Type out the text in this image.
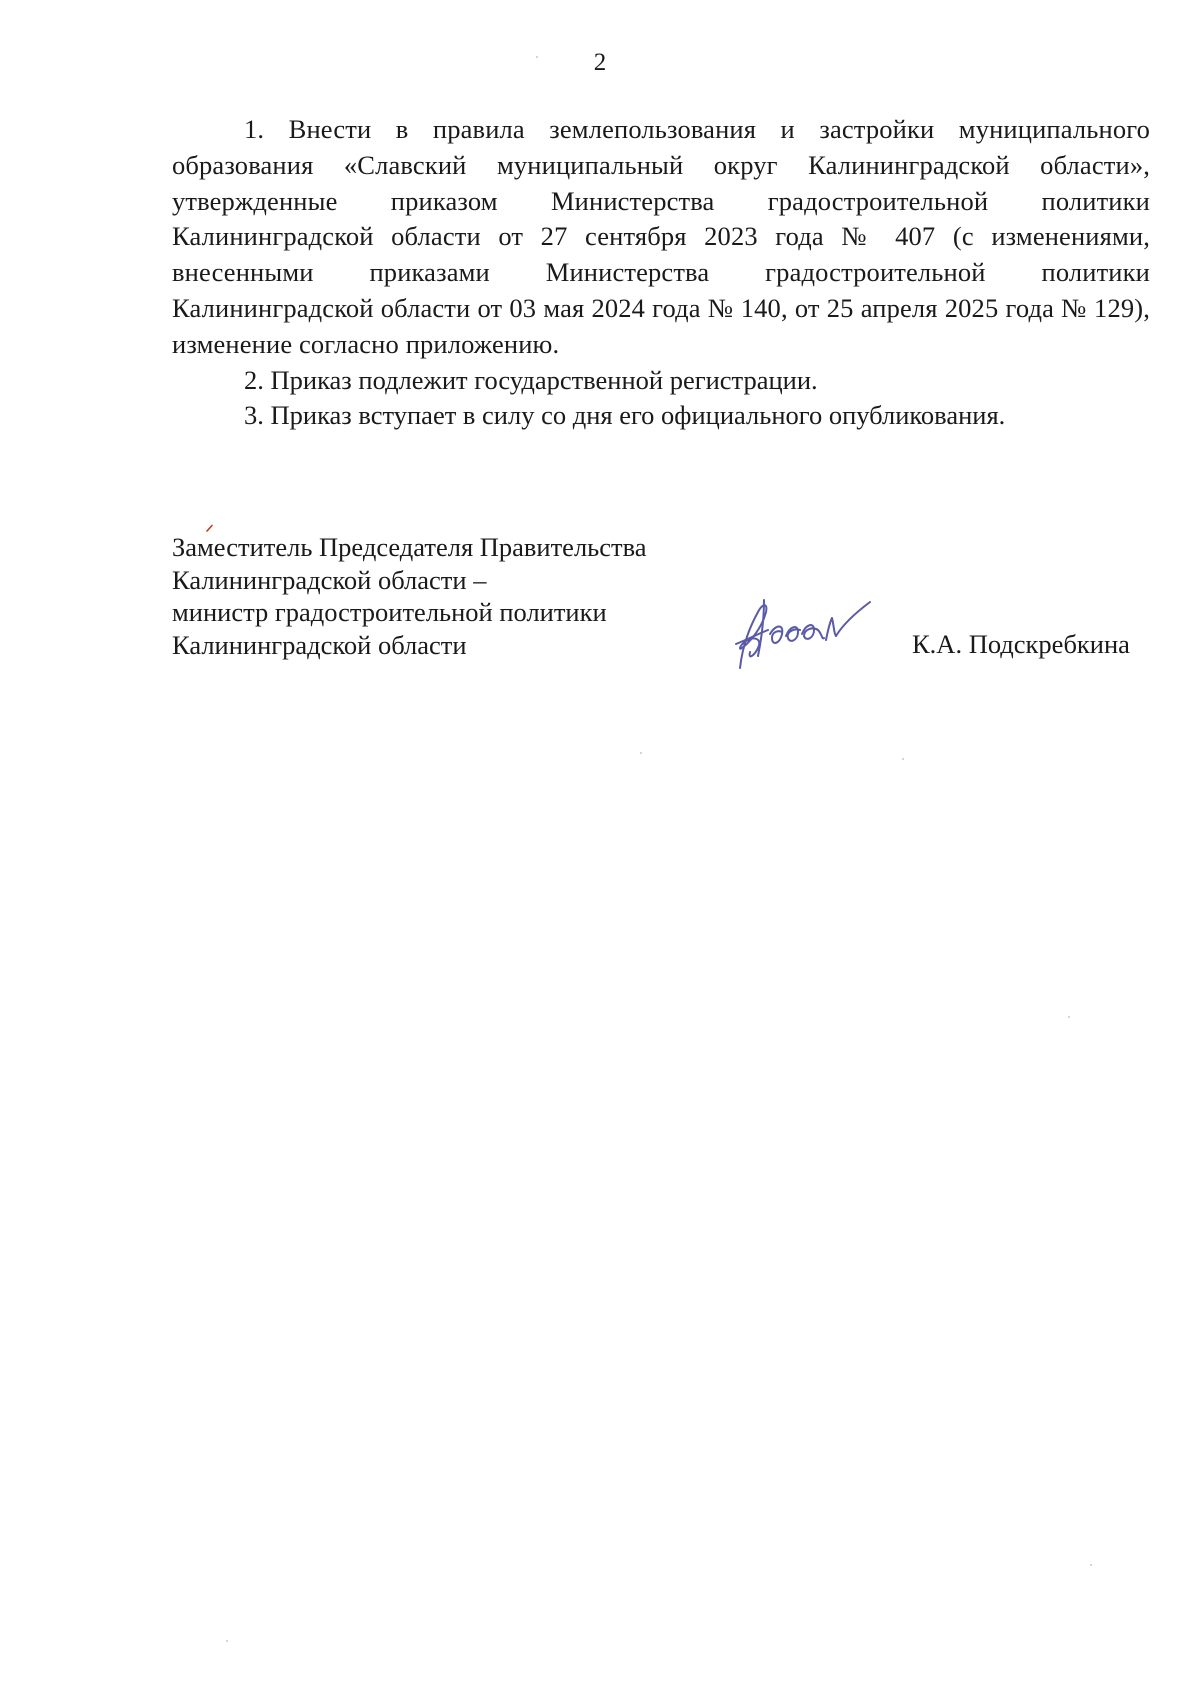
2

1. Внести в правила землепользования и застройки муниципального образования «Славский муниципальный округ Калининградской области», утвержденные приказом Министерства градостроительной политики Калининградской области от 27 сентября 2023 года № 407 (с изменениями, внесенными приказами Министерства градостроительной политики Калининградской области от 03 мая 2024 года № 140, от 25 апреля 2025 года № 129), изменение согласно приложению.

2. Приказ подлежит государственной регистрации.

3. Приказ вступает в силу со дня его официального опубликования.

Заместитель Председателя Правительства
Калининградской области –
министр градостроительной политики
Калининградской области	К.А. Подскребкина
